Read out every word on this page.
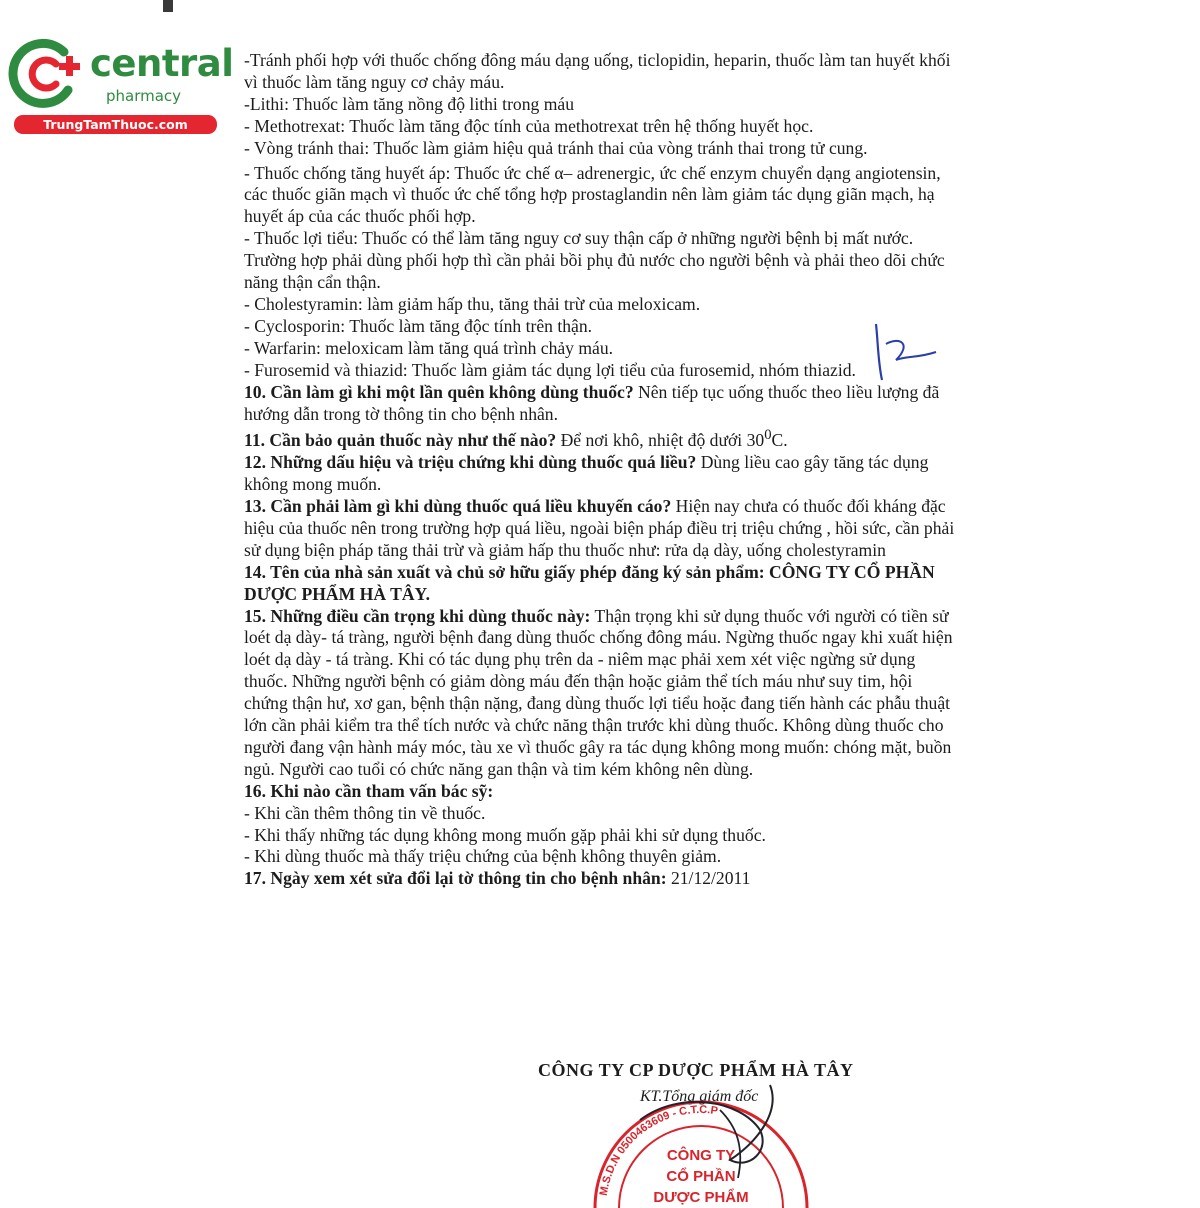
central
pharmacy
TrungTamThuoc.com

-Tránh phối hợp với thuốc chống đông máu dạng uống, ticlopidin, heparin, thuốc làm tan huyết khối vì thuốc làm tăng nguy cơ chảy máu.

-Lithi: Thuốc làm tăng nồng độ lithi trong máu

- Methotrexat: Thuốc làm tăng độc tính của methotrexat trên hệ thống huyết học.

- Vòng tránh thai: Thuốc làm giảm hiệu quả tránh thai của vòng tránh thai trong tử cung.

- Thuốc chống tăng huyết áp: Thuốc ức chế α– adrenergic, ức chế enzym chuyển dạng angiotensin, các thuốc giãn mạch vì thuốc ức chế tổng hợp prostaglandin nên làm giảm tác dụng giãn mạch, hạ huyết áp của các thuốc phối hợp.

- Thuốc lợi tiểu: Thuốc có thể làm tăng nguy cơ suy thận cấp ở những người bệnh bị mất nước. Trường hợp phải dùng phối hợp thì cần phải bồi phụ đủ nước cho người bệnh và phải theo dõi chức năng thận cẩn thận.

- Cholestyramin: làm giảm hấp thu, tăng thải trừ của meloxicam.

- Cyclosporin: Thuốc làm tăng độc tính trên thận.

- Warfarin: meloxicam làm tăng quá trình chảy máu.

- Furosemid và thiazid: Thuốc làm giảm tác dụng lợi tiểu của furosemid, nhóm thiazid.

10. Cần làm gì khi một lần quên không dùng thuốc? Nên tiếp tục uống thuốc theo liều lượng đã hướng dẫn trong tờ thông tin cho bệnh nhân.

11. Cần bảo quản thuốc này như thế nào? Để nơi khô, nhiệt độ dưới $30^0C$.

12. Những dấu hiệu và triệu chứng khi dùng thuốc quá liều? Dùng liều cao gây tăng tác dụng không mong muốn.

13. Cần phải làm gì khi dùng thuốc quá liều khuyến cáo? Hiện nay chưa có thuốc đối kháng đặc hiệu của thuốc nên trong trường hợp quá liều, ngoài biện pháp điều trị triệu chứng , hồi sức, cần phải sử dụng biện pháp tăng thải trừ và giảm hấp thu thuốc như: rửa dạ dày, uống cholestyramin

14. Tên của nhà sản xuất và chủ sở hữu giấy phép đăng ký sản phẩm: CÔNG TY CỔ PHẦN DƯỢC PHẨM HÀ TÂY.

15. Những điều cần trọng khi dùng thuốc này: Thận trọng khi sử dụng thuốc với người có tiền sử loét dạ dày- tá tràng, người bệnh đang dùng thuốc chống đông máu. Ngừng thuốc ngay khi xuất hiện loét dạ dày - tá tràng. Khi có tác dụng phụ trên da - niêm mạc phải xem xét việc ngừng sử dụng thuốc. Những người bệnh có giảm dòng máu đến thận hoặc giảm thể tích máu như suy tim, hội chứng thận hư, xơ gan, bệnh thận nặng, đang dùng thuốc lợi tiểu hoặc đang tiến hành các phẫu thuật lớn cần phải kiểm tra thể tích nước và chức năng thận trước khi dùng thuốc. Không dùng thuốc cho người đang vận hành máy móc, tàu xe vì thuốc gây ra tác dụng không mong muốn: chóng mặt, buồn ngủ. Người cao tuổi có chức năng gan thận và tim kém không nên dùng.

16. Khi nào cần tham vấn bác sỹ:

- Khi cần thêm thông tin về thuốc.

- Khi thấy những tác dụng không mong muốn gặp phải khi sử dụng thuốc.

- Khi dùng thuốc mà thấy triệu chứng của bệnh không thuyên giảm.

17. Ngày xem xét sửa đổi lại tờ thông tin cho bệnh nhân: 21/12/2011

CÔNG TY CP DƯỢC PHẨM HÀ TÂY

KT.Tổng giám đốc

CÔNG TY
CỔ PHẦN
DƯỢC PHẨM
M.S.D.N 0500463609 - C.T.C.P
